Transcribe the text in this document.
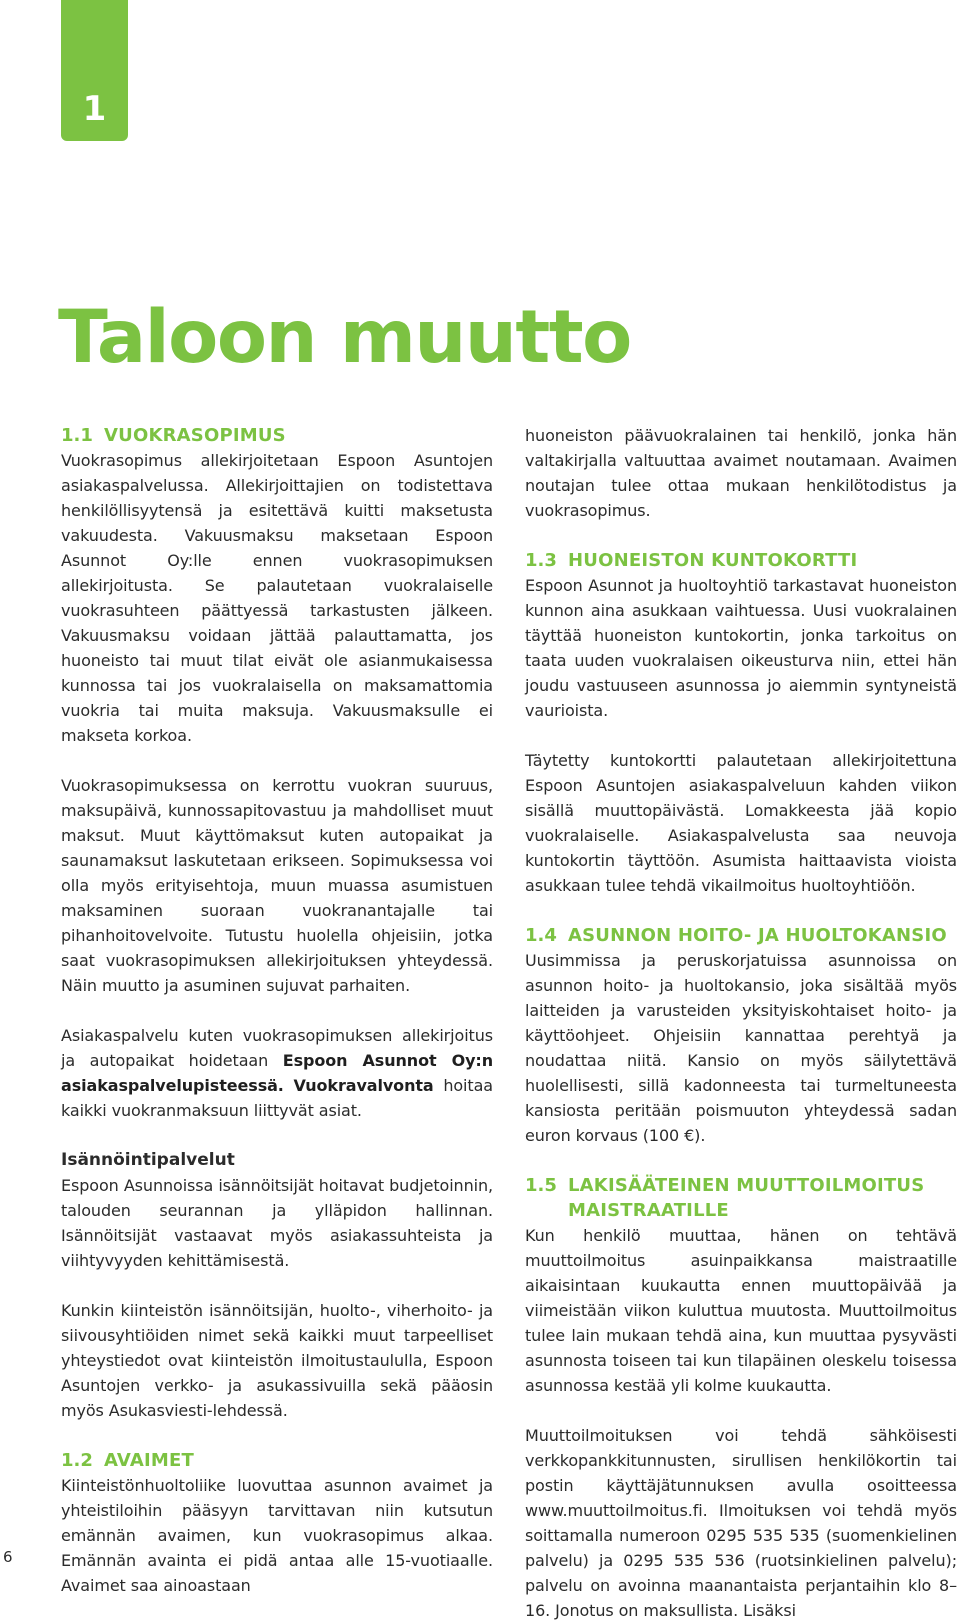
1
Taloon muutto
1.1 VUOKRASOPIMUS

Vuokrasopimus allekirjoitetaan Espoon Asuntojen asiakaspalvelussa. Allekirjoittajien on todistettava henkilöllisyytensä ja esitettävä kuitti maksetusta vakuudesta. Vakuusmaksu maksetaan Espoon Asunnot Oy:lle ennen vuokrasopimuksen allekirjoitusta. Se palautetaan vuokralaiselle vuokrasuhteen päättyessä tarkastusten jälkeen. Vakuusmaksu voidaan jättää palauttamatta, jos huoneisto tai muut tilat eivät ole asianmukaisessa kunnossa tai jos vuokralaisella on maksamattomia vuokria tai muita maksuja. Vakuusmaksulle ei makseta korkoa.

Vuokrasopimuksessa on kerrottu vuokran suuruus, maksupäivä, kunnossapitovastuu ja mahdolliset muut maksut. Muut käyttömaksut kuten autopaikat ja saunamaksut laskutetaan erikseen. Sopimuksessa voi olla myös erityisehtoja, muun muassa asumistuen maksaminen suoraan vuokranantajalle tai pihanhoitovelvoite. Tutustu huolella ohjeisiin, jotka saat vuokrasopimuksen allekirjoituksen yhteydessä. Näin muutto ja asuminen sujuvat parhaiten.

Asiakaspalvelu kuten vuokrasopimuksen allekirjoitus ja autopaikat hoidetaan Espoon Asunnot Oy:n asiakaspalvelupisteessä. Vuokravalvonta hoitaa kaikki vuokranmaksuun liittyvät asiat.

Isännöintipalvelut

Espoon Asunnoissa isännöitsijät hoitavat budjetoinnin, talouden seurannan ja ylläpidon hallinnan. Isännöitsijät vastaavat myös asiakassuhteista ja viihtyvyyden kehittämisestä.

Kunkin kiinteistön isännöitsijän, huolto-, viherhoito- ja siivousyhtiöiden nimet sekä kaikki muut tarpeelliset yhteystiedot ovat kiinteistön ilmoitustaululla, Espoon Asuntojen verkko- ja asukassivuilla sekä pääosin myös Asukasviesti-lehdessä.

1.2 AVAIMET

Kiinteistönhuoltoliike luovuttaa asunnon avaimet ja yhteistiloihin pääsyyn tarvittavan niin kutsutun emännän avaimen, kun vuokrasopimus alkaa. Emännän avainta ei pidä antaa alle 15-vuotiaalle. Avaimet saa ainoastaan

huoneiston päävuokralainen tai henkilö, jonka hän valtakirjalla valtuuttaa avaimet noutamaan. Avaimen noutajan tulee ottaa mukaan henkilötodistus ja vuokrasopimus.

1.3 HUONEISTON KUNTOKORTTI

Espoon Asunnot ja huoltoyhtiö tarkastavat huoneiston kunnon aina asukkaan vaihtuessa. Uusi vuokralainen täyttää huoneiston kuntokortin, jonka tarkoitus on taata uuden vuokralaisen oikeusturva niin, ettei hän joudu vastuuseen asunnossa jo aiemmin syntyneistä vaurioista.

Täytetty kuntokortti palautetaan allekirjoitettuna Espoon Asuntojen asiakaspalveluun kahden viikon sisällä muuttopäivästä. Lomakkeesta jää kopio vuokralaiselle. Asiakaspalvelusta saa neuvoja kuntokortin täyttöön. Asumista haittaavista vioista asukkaan tulee tehdä vikailmoitus huoltoyhtiöön.

1.4 ASUNNON HOITO- JA HUOLTOKANSIO

Uusimmissa ja peruskorjatuissa asunnoissa on asunnon hoito- ja huoltokansio, joka sisältää myös laitteiden ja varusteiden yksityiskohtaiset hoito- ja käyttöohjeet. Ohjeisiin kannattaa perehtyä ja noudattaa niitä. Kansio on myös säilytettävä huolellisesti, sillä kadonneesta tai turmeltuneesta kansiosta peritään poismuuton yhteydessä sadan euron korvaus (100 €).

1.5 LAKISÄÄTEINEN MUUTTOILMOITUS MAISTRAATILLE

Kun henkilö muuttaa, hänen on tehtävä muuttoilmoitus asuinpaikkansa maistraatille aikaisintaan kuukautta ennen muuttopäivää ja viimeistään viikon kuluttua muutosta. Muuttoilmoitus tulee lain mukaan tehdä aina, kun muuttaa pysyvästi asunnosta toiseen tai kun tilapäinen oleskelu toisessa asunnossa kestää yli kolme kuukautta.

Muuttoilmoituksen voi tehdä sähköisesti verkkopankkitunnusten, sirullisen henkilökortin tai postin käyttäjätunnuksen avulla osoitteessa www.muuttoilmoitus.fi. Ilmoituksen voi tehdä myös soittamalla numeroon 0295 535 535 (suomenkielinen palvelu) ja 0295 535 536 (ruotsinkielinen palvelu); palvelu on avoinna maanantaista perjantaihin klo 8–16. Jonotus on maksullista. Lisäksi

6
